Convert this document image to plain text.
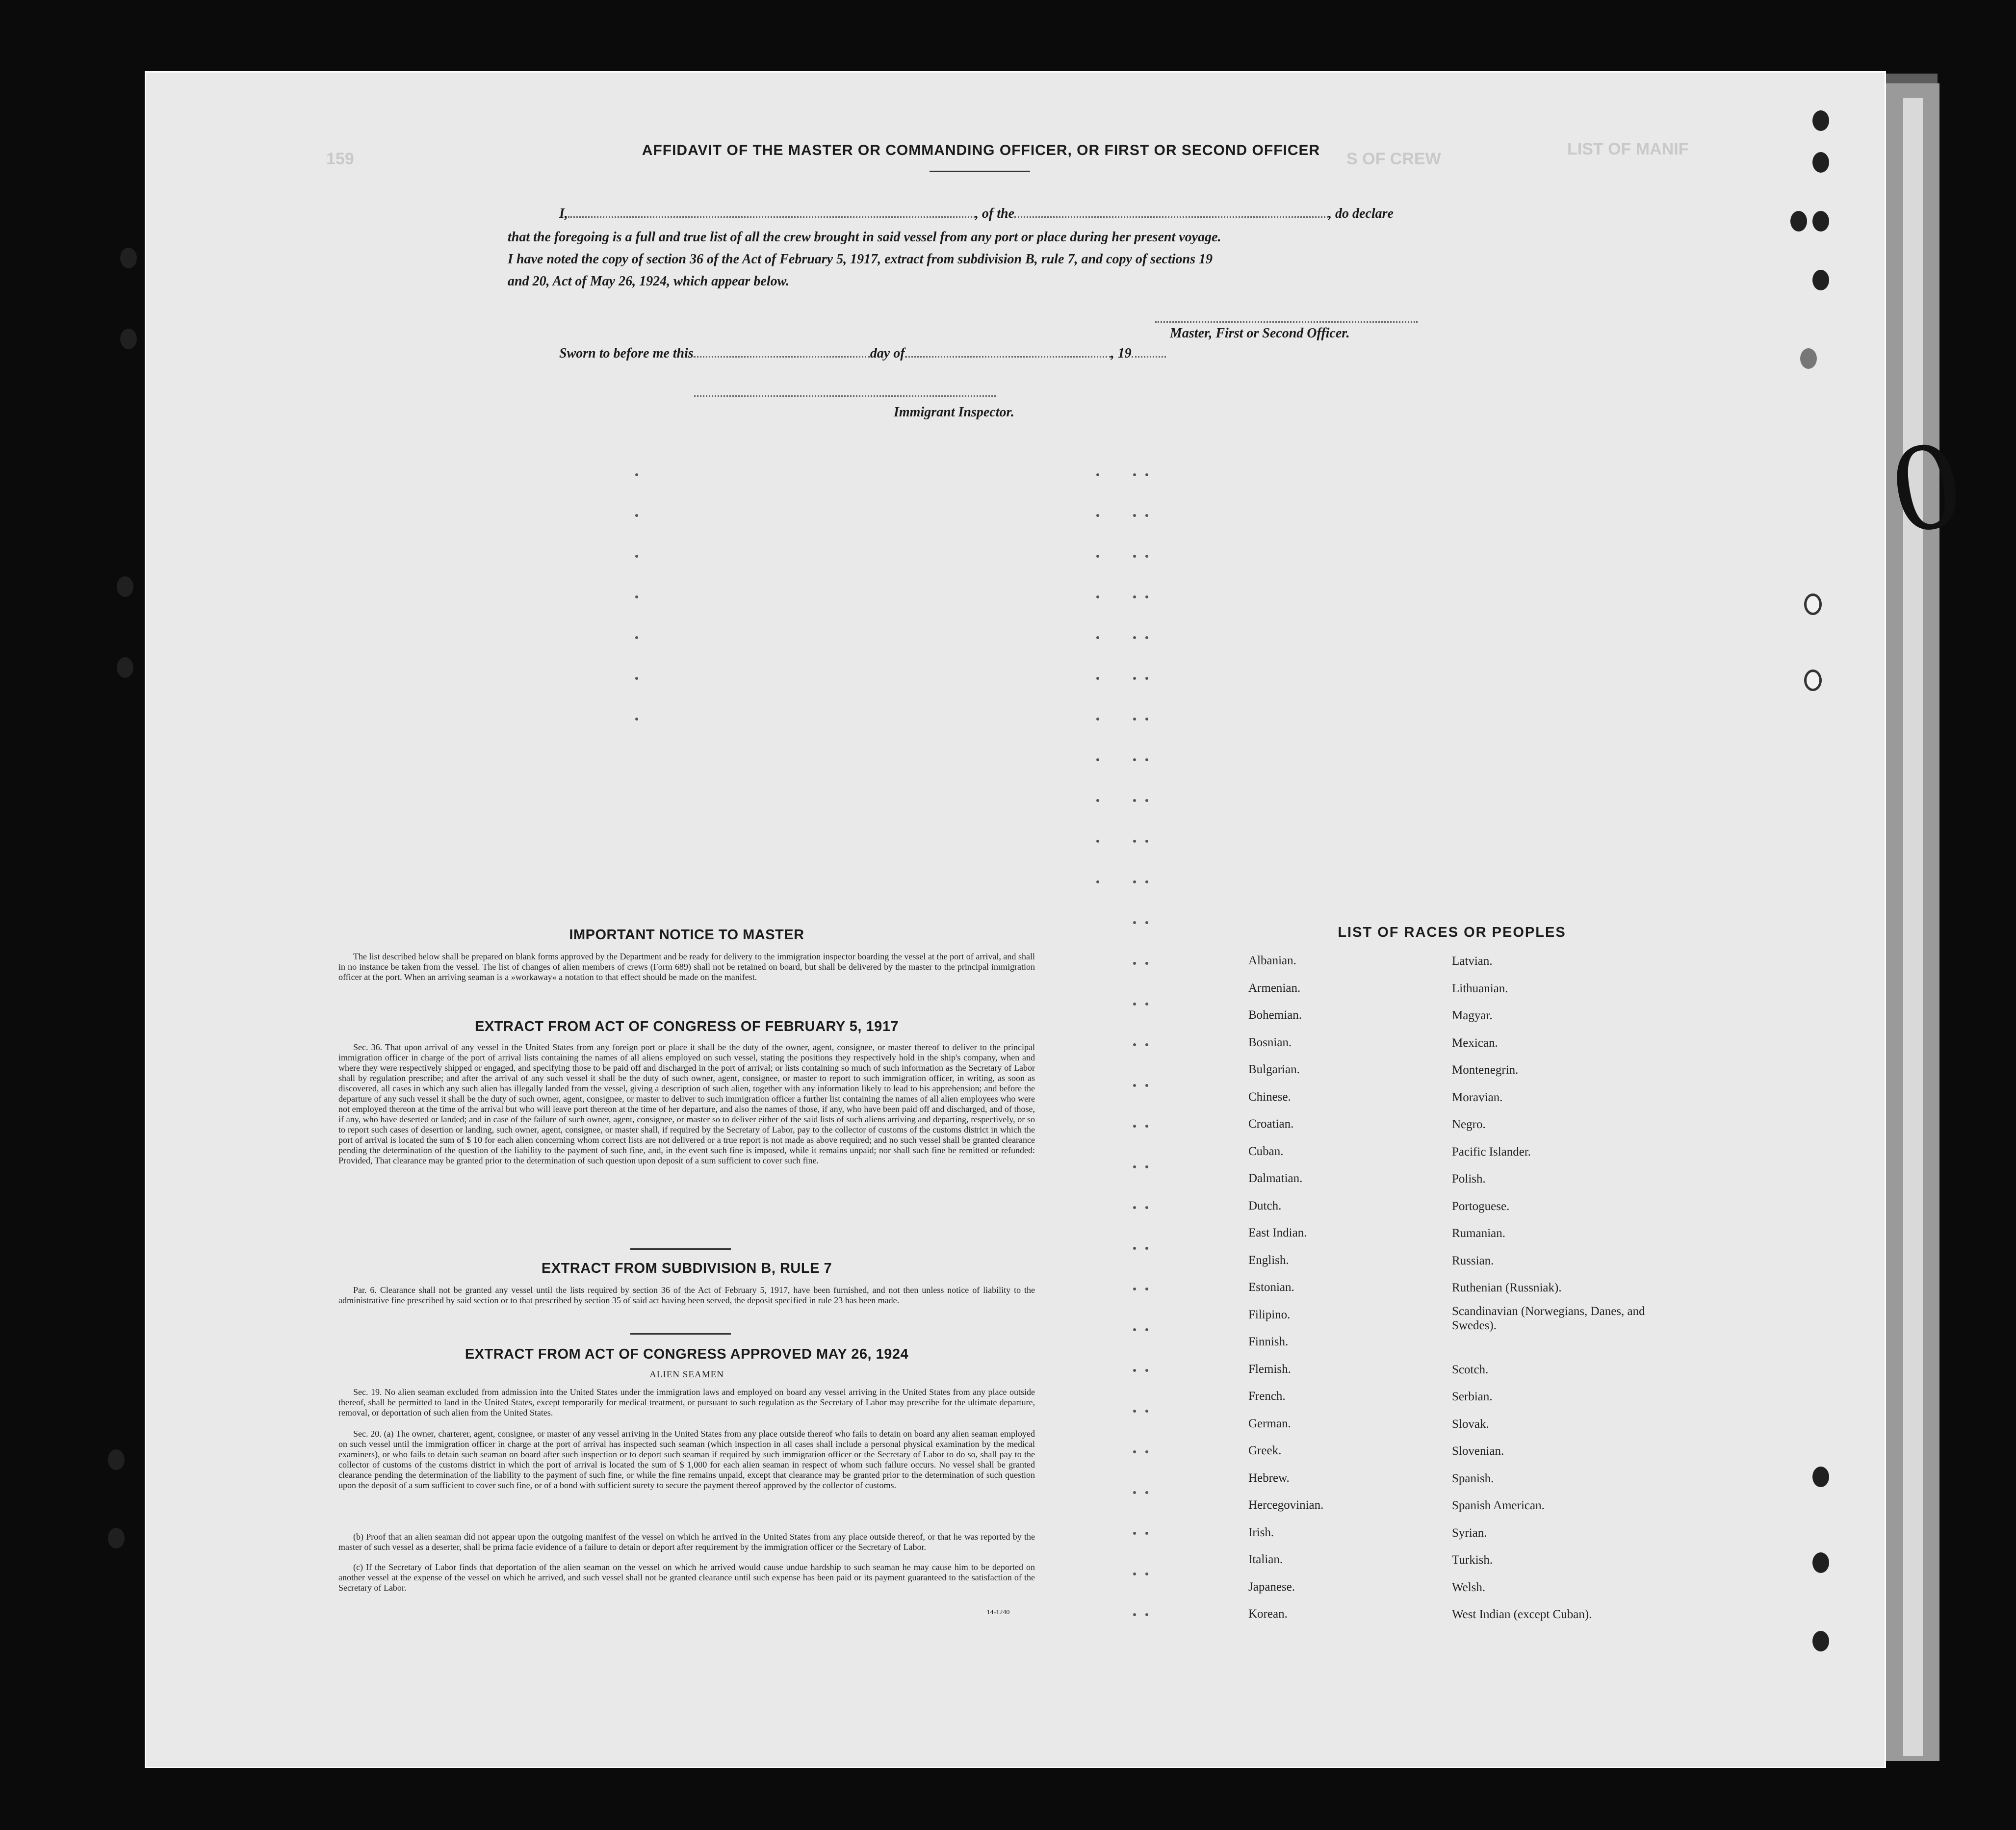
159
LIST OF MANIF
S OF CREW
0
AFFIDAVIT OF THE MASTER OR COMMANDING OFFICER, OR FIRST OR SECOND OFFICER
I,	, of the	, do declare
that the foregoing is a full and true list of all the crew brought in said vessel from any port or place during her present voyage.
I have noted the copy of section 36 of the Act of February 5, 1917, extract from subdivision B, rule 7, and copy of sections 19
and 20, Act of May 26, 1924, which appear below.
Master, First or Second Officer.
Sworn to before me this	day of	, 19
Immigrant Inspector.
IMPORTANT NOTICE TO MASTER
The list described below shall be prepared on blank forms approved by the Department and be ready for delivery to the immigration inspector boarding the vessel at the port of arrival, and shall in no instance be taken from the vessel. The list of changes of alien members of crews (Form 689) shall not be retained on board, but shall be delivered by the master to the principal immigration officer at the port. When an arriving seaman is a »workaway« a notation to that effect should be made on the manifest.
EXTRACT FROM ACT OF CONGRESS OF FEBRUARY 5, 1917
Sec. 36. That upon arrival of any vessel in the United States from any foreign port or place it shall be the duty of the owner, agent, consignee, or master thereof to deliver to the principal immigration officer in charge of the port of arrival lists containing the names of all aliens employed on such vessel, stating the positions they respectively hold in the ship's company, when and where they were respectively shipped or engaged, and specifying those to be paid off and discharged in the port of arrival; or lists containing so much of such information as the Secretary of Labor shall by regulation prescribe; and after the arrival of any such vessel it shall be the duty of such owner, agent, consignee, or master to report to such immigration officer, in writing, as soon as discovered, all cases in which any such alien has illegally landed from the vessel, giving a description of such alien, together with any information likely to lead to his apprehension; and before the departure of any such vessel it shall be the duty of such owner, agent, consignee, or master to deliver to such immigration officer a further list containing the names of all alien employees who were not employed thereon at the time of the arrival but who will leave port thereon at the time of her departure, and also the names of those, if any, who have been paid off and discharged, and of those, if any, who have deserted or landed; and in case of the failure of such owner, agent, consignee, or master so to deliver either of the said lists of such aliens arriving and departing, respectively, or so to report such cases of desertion or landing, such owner, agent, consignee, or master shall, if required by the Secretary of Labor, pay to the collector of customs of the customs district in which the port of arrival is located the sum of $ 10 for each alien concerning whom correct lists are not delivered or a true report is not made as above required; and no such vessel shall be granted clearance pending the determination of the question of the liability to the payment of such fine, and, in the event such fine is imposed, while it remains unpaid; nor shall such fine be remitted or refunded: Provided, That clearance may be granted prior to the determination of such question upon deposit of a sum sufficient to cover such fine.
EXTRACT FROM SUBDIVISION B, RULE 7
Par. 6. Clearance shall not be granted any vessel until the lists required by section 36 of the Act of February 5, 1917, have been furnished, and not then unless notice of liability to the administrative fine prescribed by said section or to that prescribed by section 35 of said act having been served, the deposit specified in rule 23 has been made.
EXTRACT FROM ACT OF CONGRESS APPROVED MAY 26, 1924
ALIEN SEAMEN
Sec. 19. No alien seaman excluded from admission into the United States under the immigration laws and employed on board any vessel arriving in the United States from any place outside thereof, shall be permitted to land in the United States, except temporarily for medical treatment, or pursuant to such regulation as the Secretary of Labor may prescribe for the ultimate departure, removal, or deportation of such alien from the United States.
Sec. 20. (a) The owner, charterer, agent, consignee, or master of any vessel arriving in the United States from any place outside thereof who fails to detain on board any alien seaman employed on such vessel until the immigration officer in charge at the port of arrival has inspected such seaman (which inspection in all cases shall include a personal physical examination by the medical examiners), or who fails to detain such seaman on board after such inspection or to deport such seaman if required by such immigration officer or the Secretary of Labor to do so, shall pay to the collector of customs of the customs district in which the port of arrival is located the sum of $ 1,000 for each alien seaman in respect of whom such failure occurs. No vessel shall be granted clearance pending the determination of the liability to the payment of such fine, or while the fine remains unpaid, except that clearance may be granted prior to the determination of such question upon the deposit of a sum sufficient to cover such fine, or of a bond with sufficient surety to secure the payment thereof approved by the collector of customs.
(b) Proof that an alien seaman did not appear upon the outgoing manifest of the vessel on which he arrived in the United States from any place outside thereof, or that he was reported by the master of such vessel as a deserter, shall be prima facie evidence of a failure to detain or deport after requirement by the immigration officer or the Secretary of Labor.
(c) If the Secretary of Labor finds that deportation of the alien seaman on the vessel on which he arrived would cause undue hardship to such seaman he may cause him to be deported on another vessel at the expense of the vessel on which he arrived, and such vessel shall not be granted clearance until such expense has been paid or its payment guaranteed to the satisfaction of the Secretary of Labor.
14-1240
LIST OF RACES OR PEOPLES
Albanian.	Latvian.
Armenian.	Lithuanian.
Bohemian.	Magyar.
Bosnian.	Mexican.
Bulgarian.	Montenegrin.
Chinese.	Moravian.
Croatian.	Negro.
Cuban.	Pacific Islander.
Dalmatian.	Polish.
Dutch.	Portoguese.
East Indian.	Rumanian.
English.	Russian.
Estonian.	Ruthenian (Russniak).
Filipino.	Scandinavian (Norwegians, Danes, and Swedes).
Finnish.
Flemish.	Scotch.
French.	Serbian.
German.	Slovak.
Greek.	Slovenian.
Hebrew.	Spanish.
Hercegovinian.	Spanish American.
Irish.	Syrian.
Italian.	Turkish.
Japanese.	Welsh.
Korean.	West Indian (except Cuban).
